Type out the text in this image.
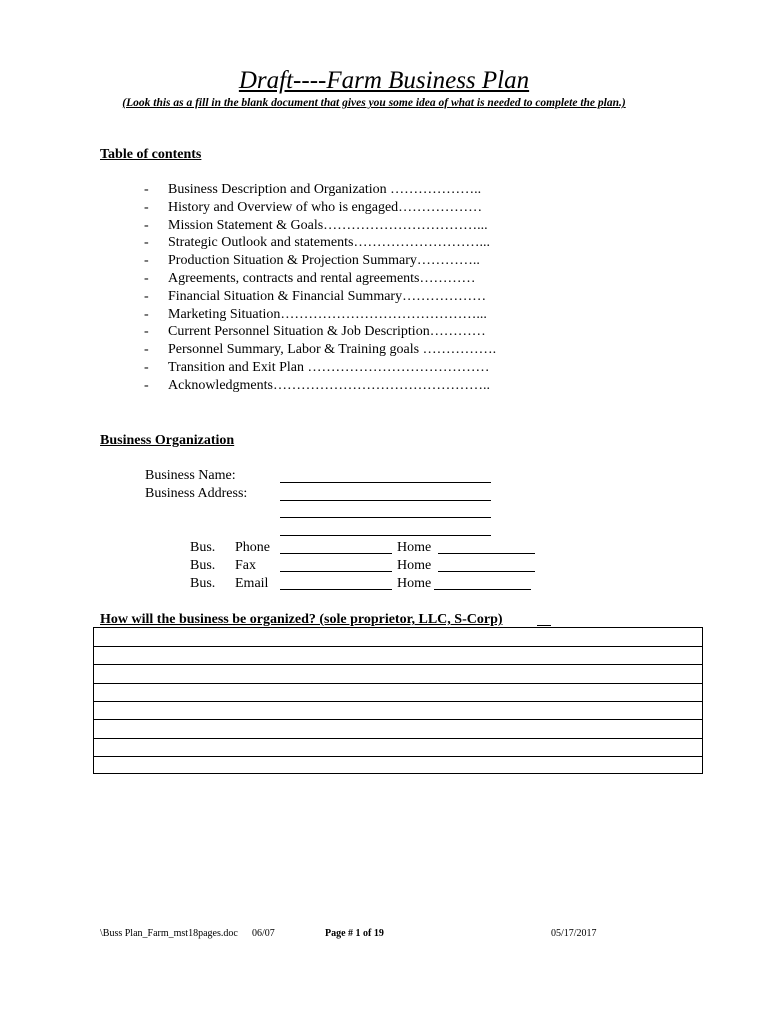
Draft----Farm Business Plan
(Look this as a fill in the blank document that gives you some idea of what is needed to complete the plan.)
Table of contents
-	Business Description and Organization ………………..
-	History and Overview of who is engaged………………
-	Mission Statement & Goals……………………………...
-	Strategic Outlook and statements………………………...
-	Production Situation & Projection Summary…………..
-	Agreements, contracts and rental agreements…………
-	Financial Situation & Financial Summary………………
-	Marketing Situation……………………………………...
-	Current Personnel Situation & Job Description…………
-	Personnel Summary, Labor & Training goals …………….
-	Transition and Exit Plan …………………………………
-	Acknowledgments………………………………………..
Business Organization
Business Name:
Business Address:
Bus. Phone	Home
Bus. Fax	Home
Bus. Email	Home
How will the business be organized? (sole proprietor, LLC, S-Corp)
\Buss Plan_Farm_mst18pages.doc 06/07	Page # 1 of 19	05/17/2017
